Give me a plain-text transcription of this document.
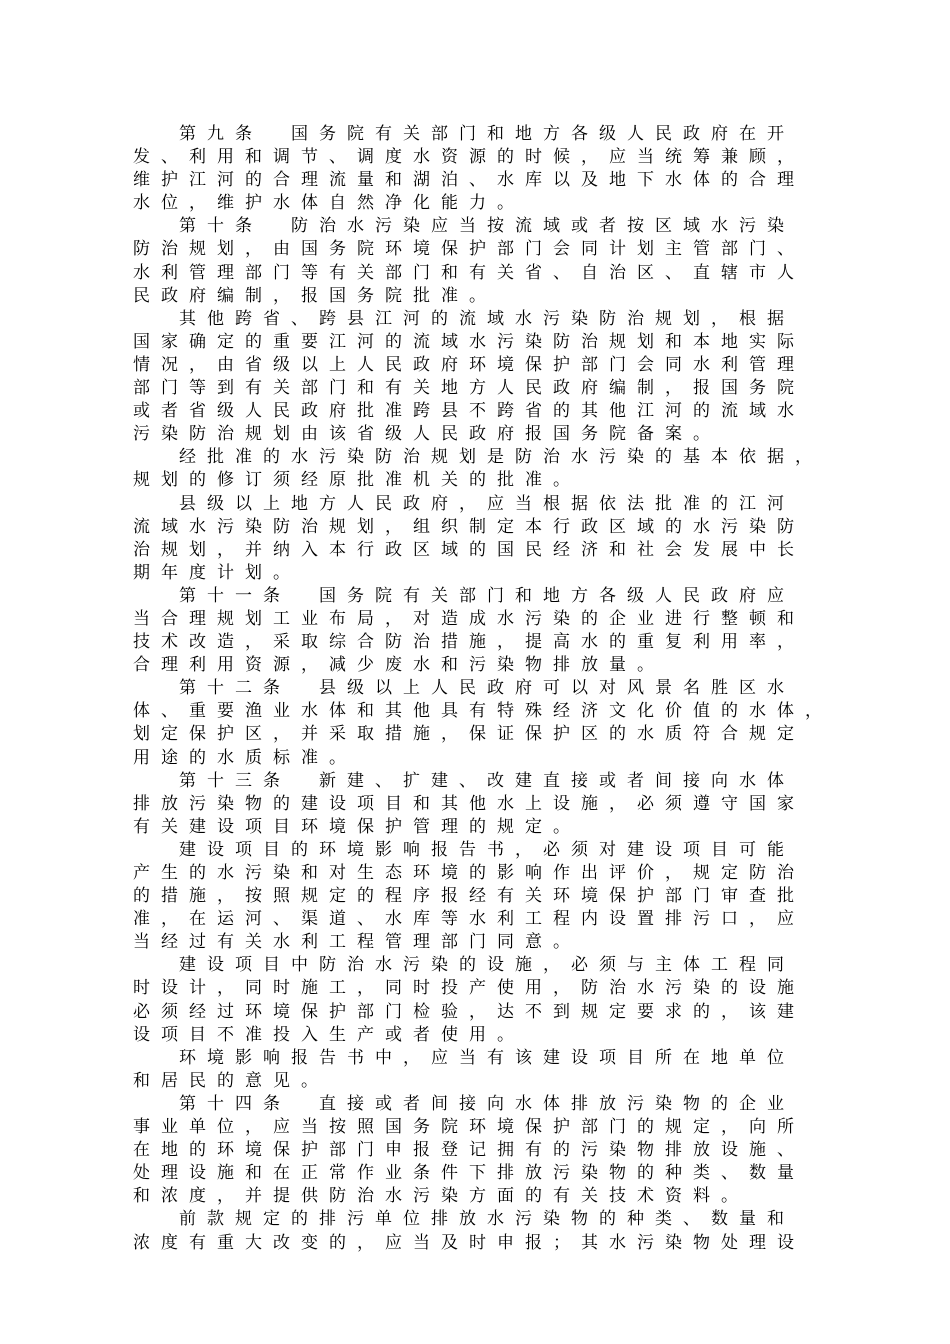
第九条　国务院有关部门和地方各级人民政府在开
发、利用和调节、调度水资源的时候，应当统筹兼顾，
维护江河的合理流量和湖泊、水库以及地下水体的合理
水位，维护水体自然净化能力。
第十条　防治水污染应当按流域或者按区域水污染
防治规划，由国务院环境保护部门会同计划主管部门、
水利管理部门等有关部门和有关省、自治区、直辖市人
民政府编制，报国务院批准。
其他跨省、跨县江河的流域水污染防治规划，根据
国家确定的重要江河的流域水污染防治规划和本地实际
情况，由省级以上人民政府环境保护部门会同水利管理
部门等到有关部门和有关地方人民政府编制，报国务院
或者省级人民政府批准跨县不跨省的其他江河的流域水
污染防治规划由该省级人民政府报国务院备案。
经批准的水污染防治规划是防治水污染的基本依据，
规划的修订须经原批准机关的批准。
县级以上地方人民政府，应当根据依法批准的江河
流域水污染防治规划，组织制定本行政区域的水污染防
治规划，并纳入本行政区域的国民经济和社会发展中长
期年度计划。
第十一条　国务院有关部门和地方各级人民政府应
当合理规划工业布局，对造成水污染的企业进行整顿和
技术改造，采取综合防治措施，提高水的重复利用率，
合理利用资源，减少废水和污染物排放量。
第十二条　县级以上人民政府可以对风景名胜区水
体、重要渔业水体和其他具有特殊经济文化价值的水体，
划定保护区，并采取措施，保证保护区的水质符合规定
用途的水质标准。
第十三条　新建、扩建、改建直接或者间接向水体
排放污染物的建设项目和其他水上设施，必须遵守国家
有关建设项目环境保护管理的规定。
建设项目的环境影响报告书，必须对建设项目可能
产生的水污染和对生态环境的影响作出评价，规定防治
的措施，按照规定的程序报经有关环境保护部门审查批
准，在运河、渠道、水库等水利工程内设置排污口，应
当经过有关水利工程管理部门同意。
建设项目中防治水污染的设施，必须与主体工程同
时设计，同时施工，同时投产使用，防治水污染的设施
必须经过环境保护部门检验，达不到规定要求的，该建
设项目不准投入生产或者使用。
环境影响报告书中，应当有该建设项目所在地单位
和居民的意见。
第十四条　直接或者间接向水体排放污染物的企业
事业单位，应当按照国务院环境保护部门的规定，向所
在地的环境保护部门申报登记拥有的污染物排放设施、
处理设施和在正常作业条件下排放污染物的种类、数量
和浓度，并提供防治水污染方面的有关技术资料。
前款规定的排污单位排放水污染物的种类、数量和
浓度有重大改变的，应当及时申报；其水污染物处理设
